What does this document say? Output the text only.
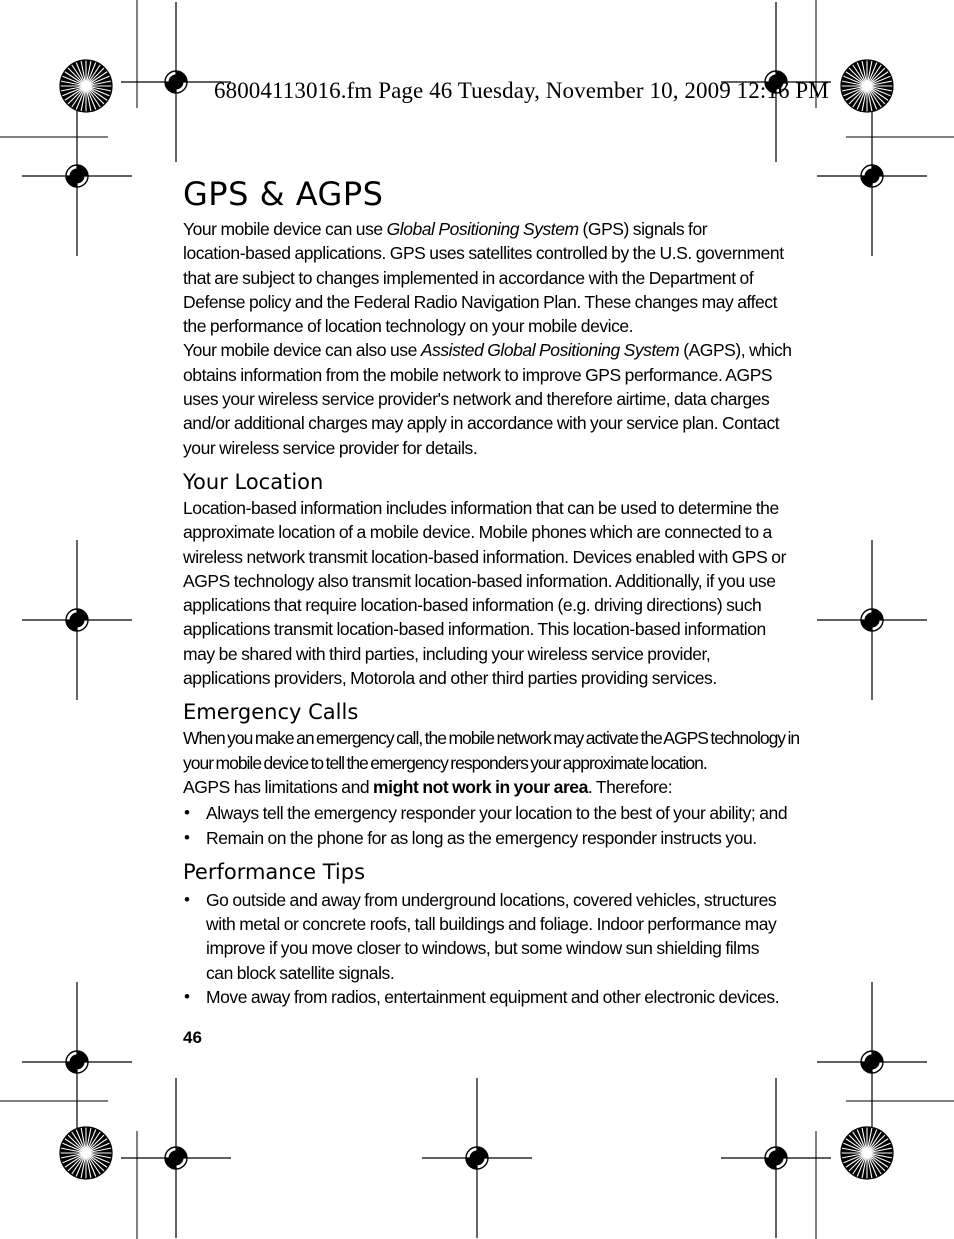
68004113016.fm Page 46 Tuesday, November 10, 2009 12:16 PM
GPS & AGPS
Your mobile device can use Global Positioning System (GPS) signals for
location-based applications. GPS uses satellites controlled by the U.S. government
that are subject to changes implemented in accordance with the Department of
Defense policy and the Federal Radio Navigation Plan. These changes may affect
the performance of location technology on your mobile device.
Your mobile device can also use Assisted Global Positioning System (AGPS), which
obtains information from the mobile network to improve GPS performance. AGPS
uses your wireless service provider's network and therefore airtime, data charges
and/or additional charges may apply in accordance with your service plan. Contact
your wireless service provider for details.
Your Location
Location-based information includes information that can be used to determine the
approximate location of a mobile device. Mobile phones which are connected to a
wireless network transmit location-based information. Devices enabled with GPS or
AGPS technology also transmit location-based information. Additionally, if you use
applications that require location-based information (e.g. driving directions) such
applications transmit location-based information. This location-based information
may be shared with third parties, including your wireless service provider,
applications providers, Motorola and other third parties providing services.
Emergency Calls
When you make an emergency call, the mobile network may activate the AGPS technology in
your mobile device to tell the emergency responders your approximate location.
AGPS has limitations and might not work in your area. Therefore:
• Always tell the emergency responder your location to the best of your ability; and
• Remain on the phone for as long as the emergency responder instructs you.
Performance Tips
• Go outside and away from underground locations, covered vehicles, structures
with metal or concrete roofs, tall buildings and foliage. Indoor performance may
improve if you move closer to windows, but some window sun shielding films
can block satellite signals.
• Move away from radios, entertainment equipment and other electronic devices.
46
